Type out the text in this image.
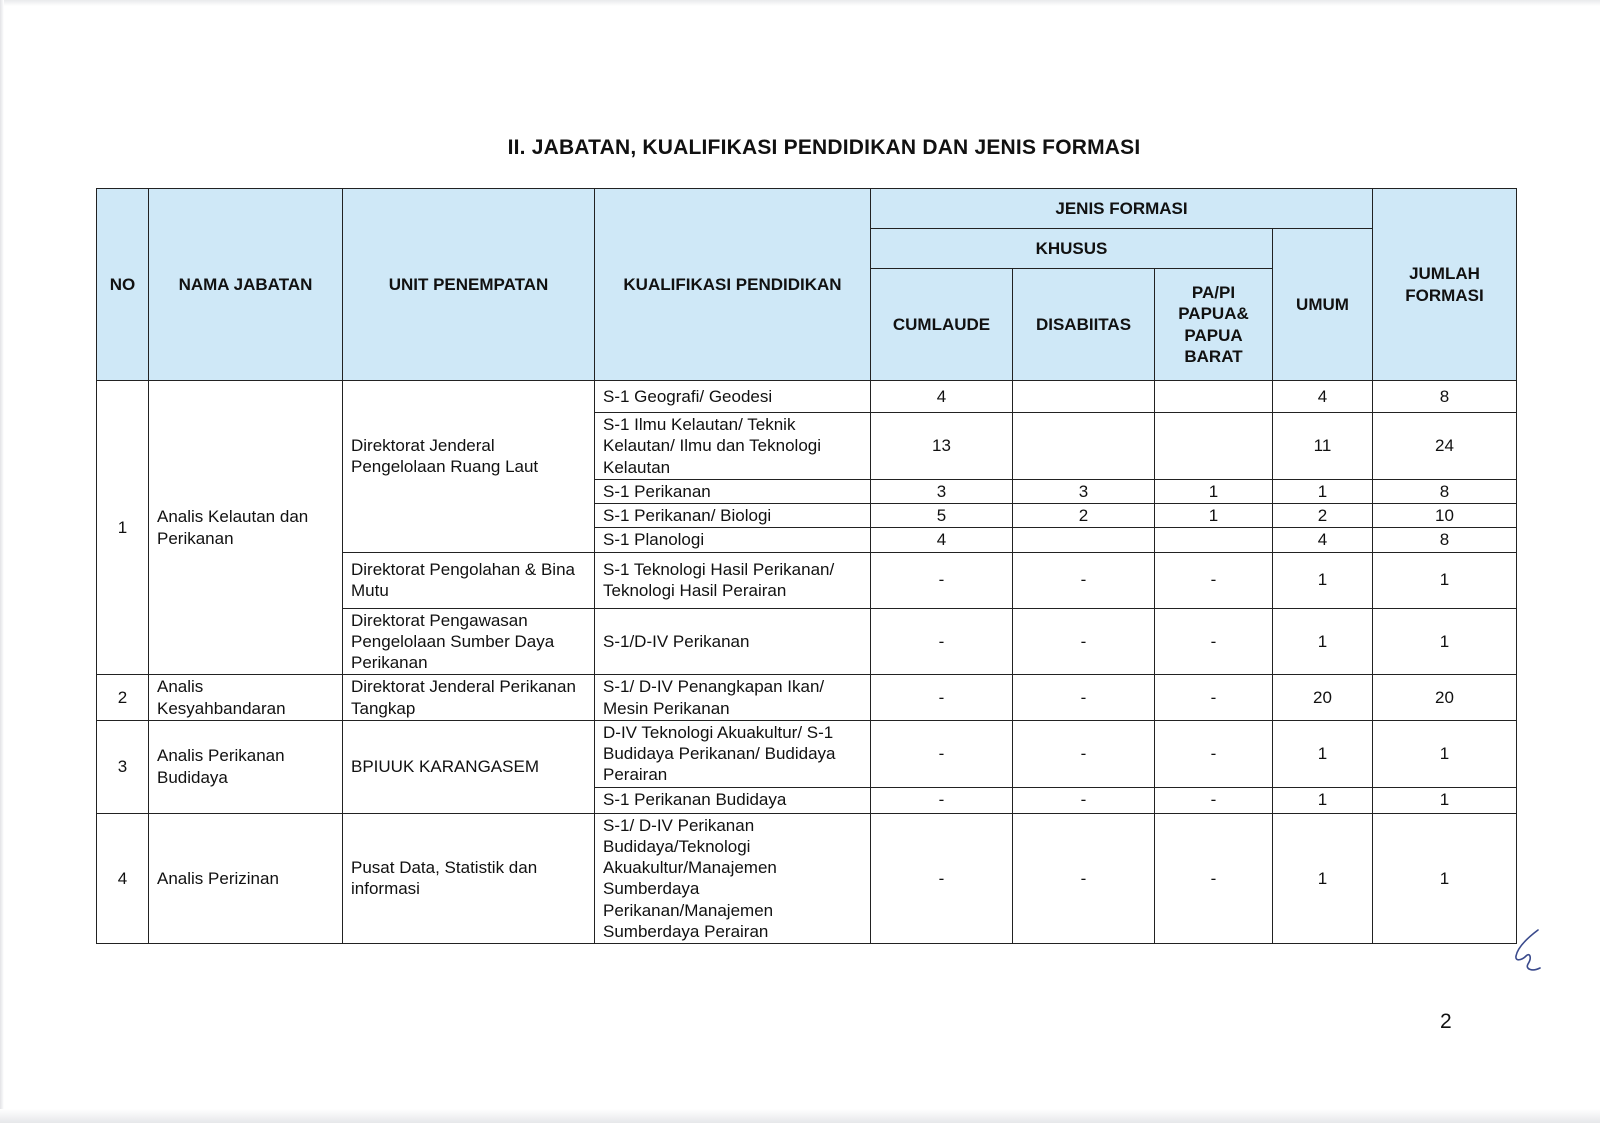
II. JABATAN, KUALIFIKASI PENDIDIKAN DAN JENIS FORMASI
NO	NAMA JABATAN	UNIT PENEMPATAN	KUALIFIKASI PENDIDIKAN	JENIS FORMASI				JUMLAH
FORMASI

				KHUSUS			UMUM	
				CUMLAUDE	DISABIITAS	PA/PI
PAPUA&
PAPUA
BARAT		

1	Analis Kelautan dan Perikanan	Direktorat Jenderal Pengelolaan Ruang Laut	S-1 Geografi/ Geodesi	4			4	8
			S-1 Ilmu Kelautan/ Teknik Kelautan/ Ilmu dan Teknologi Kelautan	13			11	24
			S-1 Perikanan	3	3	1	1	8
			S-1 Perikanan/ Biologi	5	2	1	2	10
			S-1 Planologi	4			4	8
		Direktorat Pengolahan & Bina Mutu	S-1 Teknologi Hasil Perikanan/ Teknologi Hasil Perairan	-	-	-	1	1
		Direktorat Pengawasan Pengelolaan Sumber Daya Perikanan	S-1/D-IV Perikanan	-	-	-	1	1
2	Analis Kesyahbandaran	Direktorat Jenderal Perikanan Tangkap	S-1/ D-IV Penangkapan Ikan/ Mesin Perikanan	-	-	-	20	20
3	Analis Perikanan Budidaya	BPIUUK KARANGASEM	D-IV Teknologi Akuakultur/ S-1 Budidaya Perikanan/ Budidaya Perairan	-	-	-	1	1
			S-1 Perikanan Budidaya	-	-	-	1	1
4	Analis Perizinan	Pusat Data, Statistik dan informasi	S-1/ D-IV Perikanan Budidaya/Teknologi Akuakultur/Manajemen Sumberdaya Perikanan/Manajemen Sumberdaya Perairan	-	-	-	1	1
2
